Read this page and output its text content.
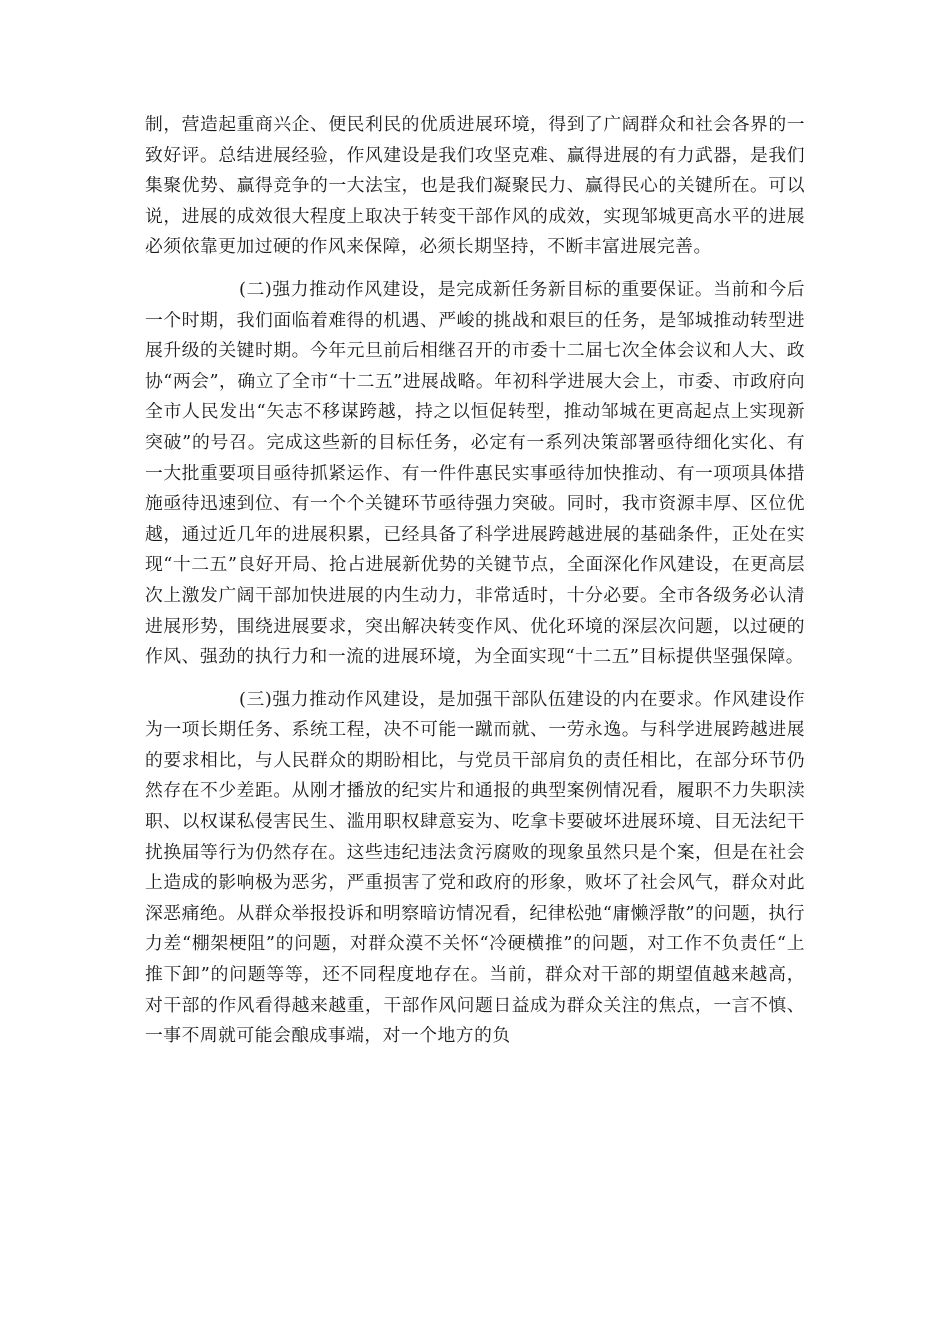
制，营造起重商兴企、便民利民的优质进展环境，得到了广阔群众和社会各界的一致好评。总结进展经验，作风建设是我们攻坚克难、赢得进展的有力武器，是我们集聚优势、赢得竞争的一大法宝，也是我们凝聚民力、赢得民心的关键所在。可以说，进展的成效很大程度上取决于转变干部作风的成效，实现邹城更高水平的进展必须依靠更加过硬的作风来保障，必须长期坚持，不断丰富进展完善。

(二)强力推动作风建设，是完成新任务新目标的重要保证。当前和今后一个时期，我们面临着难得的机遇、严峻的挑战和艰巨的任务，是邹城推动转型进展升级的关键时期。今年元旦前后相继召开的市委十二届七次全体会议和人大、政协“两会”，确立了全市“十二五”进展战略。年初科学进展大会上，市委、市政府向全市人民发出“矢志不移谋跨越，持之以恒促转型，推动邹城在更高起点上实现新突破”的号召。完成这些新的目标任务，必定有一系列决策部署亟待细化实化、有一大批重要项目亟待抓紧运作、有一件件惠民实事亟待加快推动、有一项项具体措施亟待迅速到位、有一个个关键环节亟待强力突破。同时，我市资源丰厚、区位优越，通过近几年的进展积累，已经具备了科学进展跨越进展的基础条件，正处在实现“十二五”良好开局、抢占进展新优势的关键节点，全面深化作风建设，在更高层次上激发广阔干部加快进展的内生动力，非常适时，十分必要。全市各级务必认清进展形势，围绕进展要求，突出解决转变作风、优化环境的深层次问题，以过硬的作风、强劲的执行力和一流的进展环境，为全面实现“十二五”目标提供坚强保障。

(三)强力推动作风建设，是加强干部队伍建设的内在要求。作风建设作为一项长期任务、系统工程，决不可能一蹴而就、一劳永逸。与科学进展跨越进展的要求相比，与人民群众的期盼相比，与党员干部肩负的责任相比，在部分环节仍然存在不少差距。从刚才播放的纪实片和通报的典型案例情况看，履职不力失职渎职、以权谋私侵害民生、滥用职权肆意妄为、吃拿卡要破坏进展环境、目无法纪干扰换届等行为仍然存在。这些违纪违法贪污腐败的现象虽然只是个案，但是在社会上造成的影响极为恶劣，严重损害了党和政府的形象，败坏了社会风气，群众对此深恶痛绝。从群众举报投诉和明察暗访情况看，纪律松弛“庸懒浮散”的问题，执行力差“棚架梗阻”的问题，对群众漠不关怀“冷硬横推”的问题，对工作不负责任“上推下卸”的问题等等，还不同程度地存在。当前，群众对干部的期望值越来越高，对干部的作风看得越来越重，干部作风问题日益成为群众关注的焦点，一言不慎、一事不周就可能会酿成事端，对一个地方的负
